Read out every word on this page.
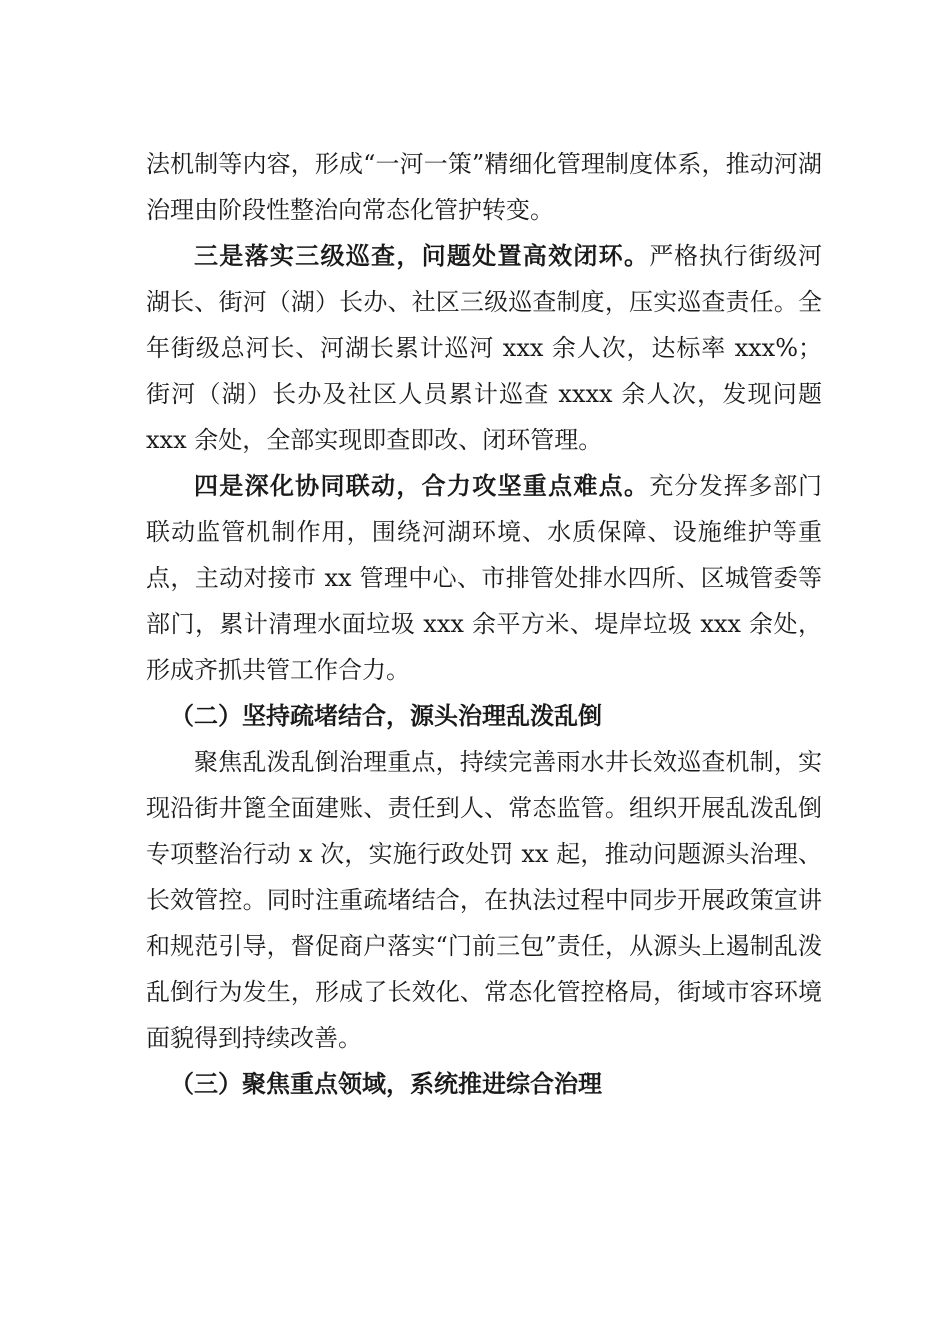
法机制等内容，形成“一河一策”精细化管理制度体系，推动河湖治理由阶段性整治向常态化管护转变。

三是落实三级巡查，问题处置高效闭环。严格执行街级河湖长、街河（湖）长办、社区三级巡查制度，压实巡查责任。全年街级总河长、河湖长累计巡河 xxx 余人次，达标率 xxx%；街河（湖）长办及社区人员累计巡查 xxxx 余人次，发现问题 xxx 余处，全部实现即查即改、闭环管理。

四是深化协同联动，合力攻坚重点难点。充分发挥多部门联动监管机制作用，围绕河湖环境、水质保障、设施维护等重点，主动对接市 xx 管理中心、市排管处排水四所、区城管委等部门，累计清理水面垃圾 xxx 余平方米、堤岸垃圾 xxx 余处，形成齐抓共管工作合力。

（二）坚持疏堵结合，源头治理乱泼乱倒

聚焦乱泼乱倒治理重点，持续完善雨水井长效巡查机制，实现沿街井篦全面建账、责任到人、常态监管。组织开展乱泼乱倒专项整治行动 x 次，实施行政处罚 xx 起，推动问题源头治理、长效管控。同时注重疏堵结合，在执法过程中同步开展政策宣讲和规范引导，督促商户落实“门前三包”责任，从源头上遏制乱泼乱倒行为发生，形成了长效化、常态化管控格局，街域市容环境面貌得到持续改善。

（三）聚焦重点领域，系统推进综合治理
